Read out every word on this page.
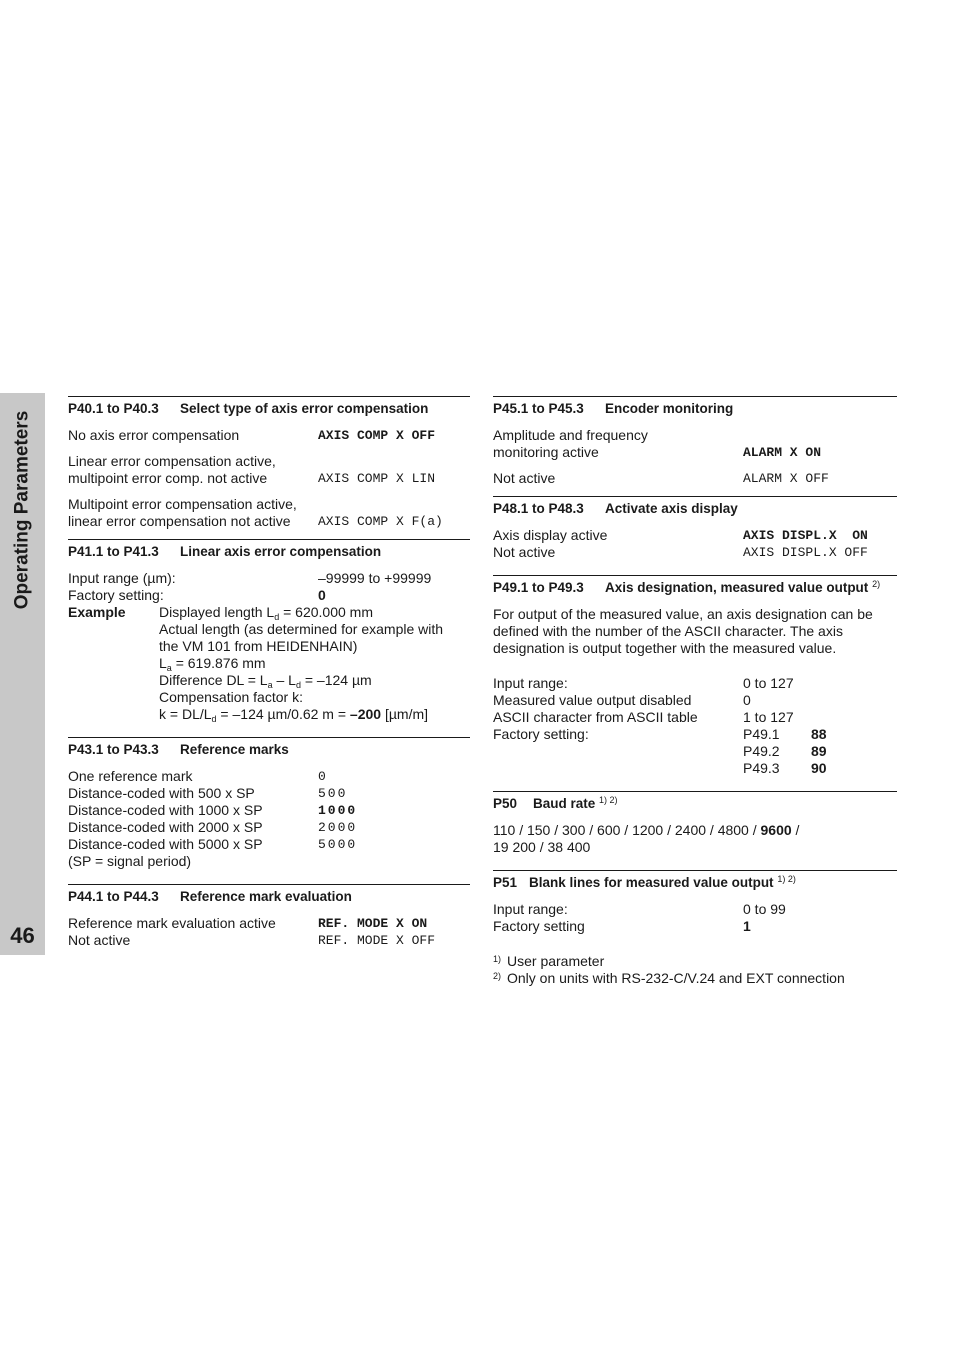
Operating Parameters
46
P40.1 to P40.3 Select type of axis error compensation
No axis error compensation	AXIS COMP X OFF
Linear error compensation active,
multipoint error comp. not active	AXIS COMP X LIN
Multipoint error compensation active,
linear error compensation not active	AXIS COMP X F(a)
P41.1 to P41.3 Linear axis error compensation
Input range (µm):	–99999 to +99999
Factory setting:	0
Example	Displayed length $L_d = 620.000$ mm
Actual length (as determined for example with
the VM 101 from HEIDENHAIN)
$L_a = 619.876$ mm
Difference DL = $L_a - L_d = -124$ µm
Compensation factor k:
$k = DL/L_d = -124$ µm/0.62 m = –200 [µm/m]
P43.1 to P43.3 Reference marks
One reference mark	0
Distance-coded with 500 x SP	500
Distance-coded with 1000 x SP	1000
Distance-coded with 2000 x SP	2000
Distance-coded with 5000 x SP	5000
(SP = signal period)
P44.1 to P44.3 Reference mark evaluation
Reference mark evaluation active	REF. MODE X ON
Not active	REF. MODE X OFF
P45.1 to P45.3 Encoder monitoring
Amplitude and frequency
monitoring active	ALARM X ON
Not active	ALARM X OFF
P48.1 to P48.3 Activate axis display
Axis display active	AXIS DISPL.X  ON
Not active	AXIS DISPL.X OFF
P49.1 to P49.3 Axis designation, measured value output $^{2)}$
For output of the measured value, an axis designation can be defined with the number of the ASCII character. The axis designation is output together with the measured value.
Input range:	0 to 127
Measured value output disabled	0
ASCII character from ASCII table	1 to 127
Factory setting:	P49.1 88
P49.2 89
P49.3 90
P50 Baud rate $^{1) 2)}$
110 / 150 / 300 / 600 / 1200 / 2400 / 4800 / 9600 /
19 200 / 38 400
P51 Blank lines for measured value output $^{1) 2)}$
Input range:	0 to 99
Factory setting	1
1) User parameter
2) Only on units with RS-232-C/V.24 and EXT connection
